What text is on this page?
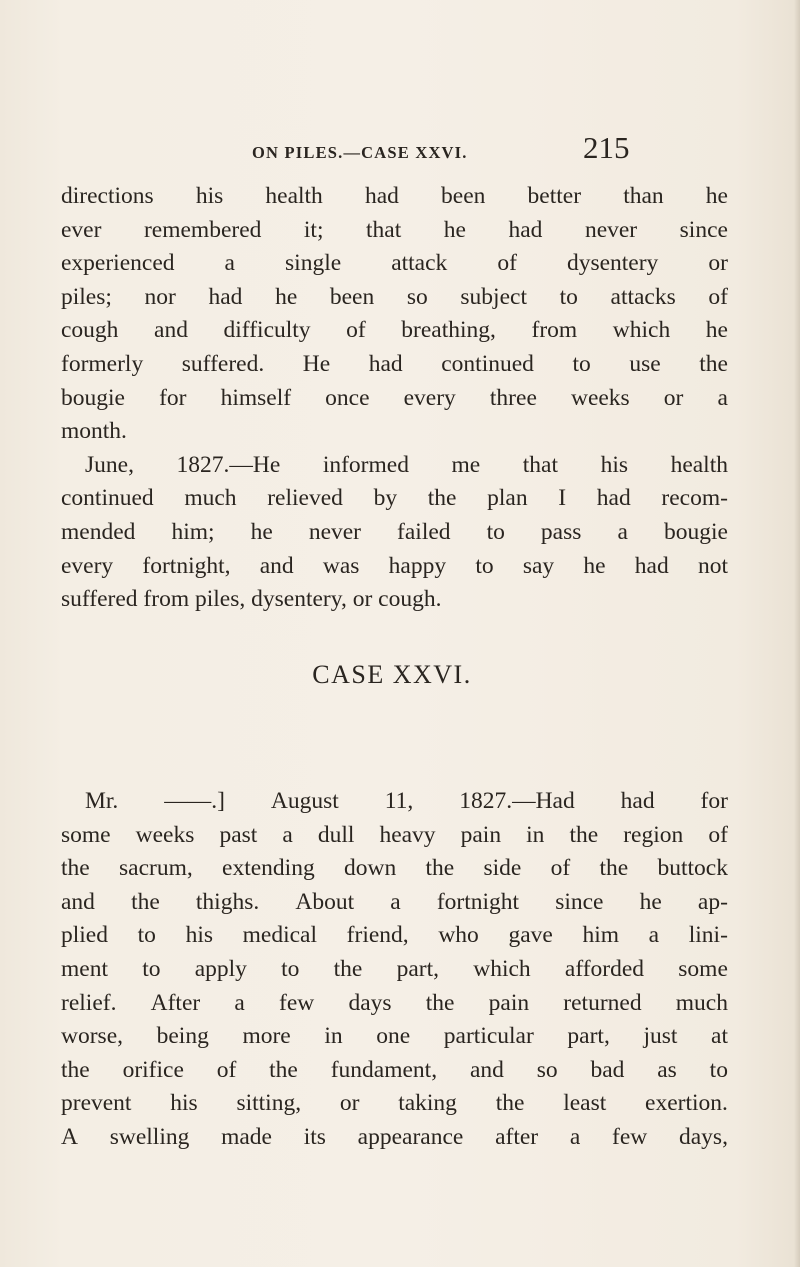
ON PILES.—CASE XXVI.	215
directions his health had been better than he
ever remembered it; that he had never since
experienced a single attack of dysentery or
piles; nor had he been so subject to attacks of
cough and difficulty of breathing, from which he
formerly suffered. He had continued to use the
bougie for himself once every three weeks or a
month.
June, 1827.—He informed me that his health
continued much relieved by the plan I had recom-
mended him; he never failed to pass a bougie
every fortnight, and was happy to say he had not
suffered from piles, dysentery, or cough.
CASE XXVI.
Mr. ——.] August 11, 1827.—Had had for
some weeks past a dull heavy pain in the region of
the sacrum, extending down the side of the buttock
and the thighs. About a fortnight since he ap-
plied to his medical friend, who gave him a lini-
ment to apply to the part, which afforded some
relief. After a few days the pain returned much
worse, being more in one particular part, just at
the orifice of the fundament, and so bad as to
prevent his sitting, or taking the least exertion.
A swelling made its appearance after a few days,
